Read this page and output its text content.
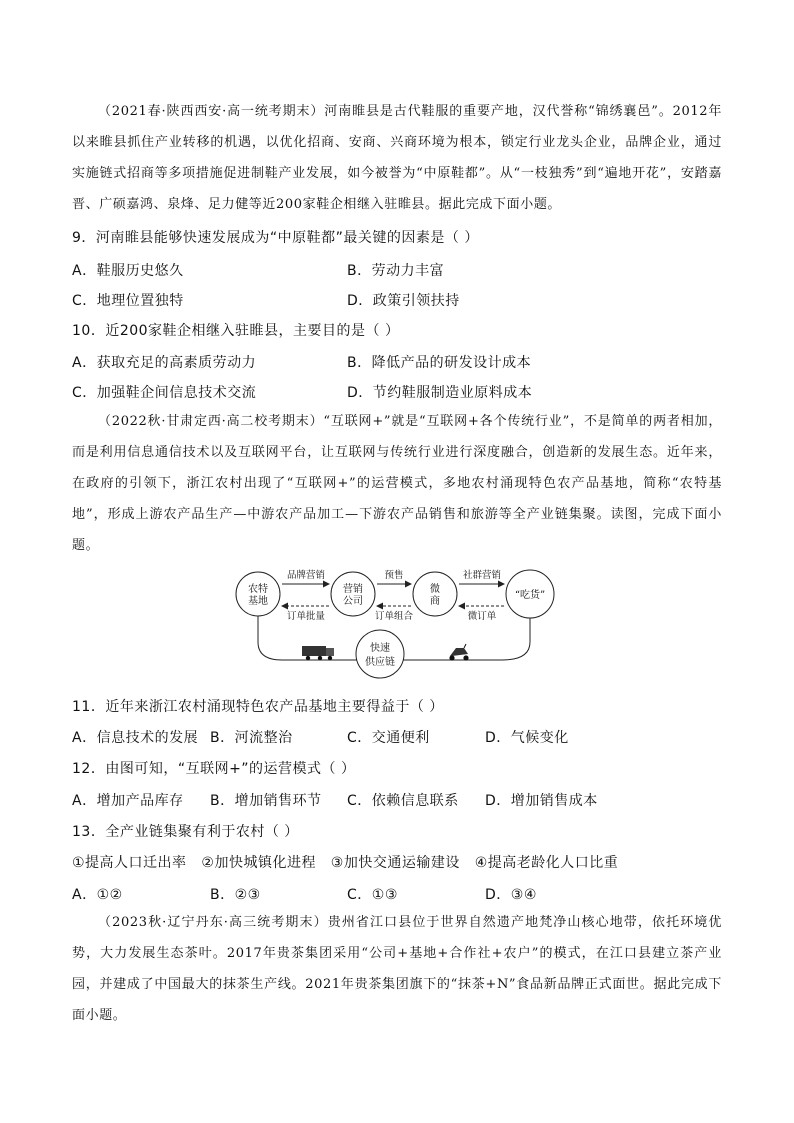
（2021春·陕西西安·高一统考期末）河南睢县是古代鞋服的重要产地，汉代誉称“锦绣襄邑”。2012年以来睢县抓住产业转移的机遇，以优化招商、安商、兴商环境为根本，锁定行业龙头企业，品牌企业，通过实施链式招商等多项措施促进制鞋产业发展，如今被誉为“中原鞋都”。从“一枝独秀”到“遍地开花”，安踏嘉晋、广硕嘉鸿、泉烽、足力健等近200家鞋企相继入驻睢县。据此完成下面小题。
9．河南睢县能够快速发展成为“中原鞋都”最关键的因素是（ ）
A．鞋服历史悠久	B．劳动力丰富
C．地理位置独特	D．政策引领扶持
10．近200家鞋企相继入驻睢县，主要目的是（ ）
A．获取充足的高素质劳动力	B．降低产品的研发设计成本
C．加强鞋企间信息技术交流	D．节约鞋服制造业原料成本
（2022秋·甘肃定西·高二校考期末）“互联网+”就是“互联网+各个传统行业”，不是简单的两者相加，而是利用信息通信技术以及互联网平台，让互联网与传统行业进行深度融合，创造新的发展生态。近年来，在政府的引领下，浙江农村出现了“互联网+”的运营模式，多地农村涌现特色农产品基地，简称“农特基地”，形成上游农产品生产—中游农产品加工—下游农产品销售和旅游等全产业链集聚。读图，完成下面小题。
农特
基地
营销
公司
微
商
“吃货”
快速
供应链
品牌营销
订单批量
预售
订单组合
社群营销
微订单
11．近年来浙江农村涌现特色农产品基地主要得益于（ ）
A．信息技术的发展 B．河流整治	C．交通便利	D．气候变化
12．由图可知，“互联网+”的运营模式（ ）
A．增加产品库存 B．增加销售环节 C．依赖信息联系 D．增加销售成本
13．全产业链集聚有利于农村（ ）
①提高人口迁出率   ②加快城镇化进程   ③加快交通运输建设   ④提高老龄化人口比重
A．①②	B．②③	C．①③	D．③④
（2023秋·辽宁丹东·高三统考期末）贵州省江口县位于世界自然遗产地梵净山核心地带，依托环境优势，大力发展生态茶叶。2017年贵茶集团采用“公司+基地+合作社+农户”的模式，在江口县建立茶产业园，并建成了中国最大的抹茶生产线。2021年贵茶集团旗下的“抹茶+N”食品新品牌正式面世。据此完成下面小题。
